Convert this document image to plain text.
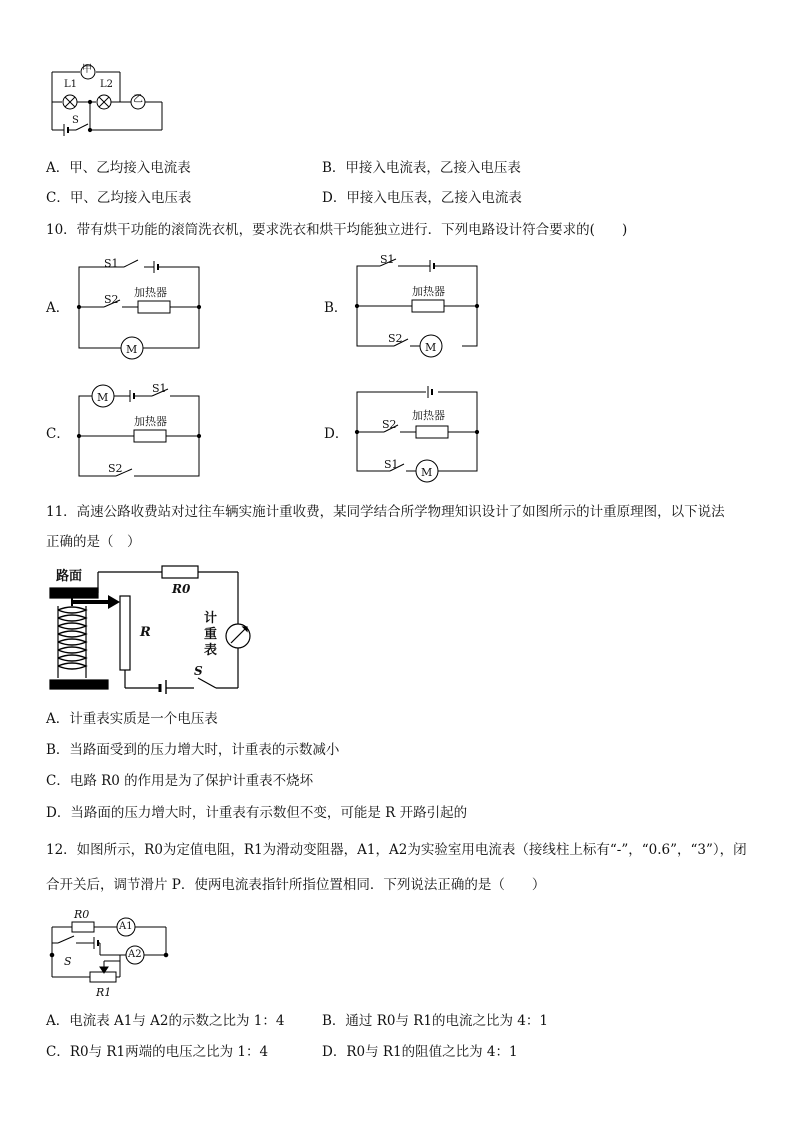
甲
乙
L1 L2
S
A．甲、乙均接入电流表	B．甲接入电流表，乙接入电压表
C．甲、乙均接入电压表	D．甲接入电压表，乙接入电流表
10．带有烘干功能的滚筒洗衣机，要求洗衣和烘干均能独立进行．下列电路设计符合要求的(　　)
A．
S1
S2
加热器
M
B．
S1
加热器
S2
M
C．
M
S1
加热器
S2
D．
S2
加热器
S1
M
11．高速公路收费站对过往车辆实施计重收费，某同学结合所学物理知识设计了如图所示的计重原理图，以下说法
正确的是（　）
路面
R0
R
计
重
表
S
A．计重表实质是一个电压表
B．当路面受到的压力增大时，计重表的示数减小
C．电路 R0 的作用是为了保护计重表不烧坏
D．当路面的压力增大时，计重表有示数但不变，可能是 R 开路引起的
12．如图所示，R0为定值电阻，R1为滑动变阻器，A1，A2为实验室用电流表（接线柱上标有“-”，“0.6”，“3”），闭
合开关后，调节滑片 P．使两电流表指针所指位置相同．下列说法正确的是（　　）
R0
A1
A2
S
R1
A．电流表 A1与 A2的示数之比为 1：4	B．通过 R0与 R1的电流之比为 4：1
C．R0与 R1两端的电压之比为 1：4	D．R0与 R1的阻值之比为 4：1
